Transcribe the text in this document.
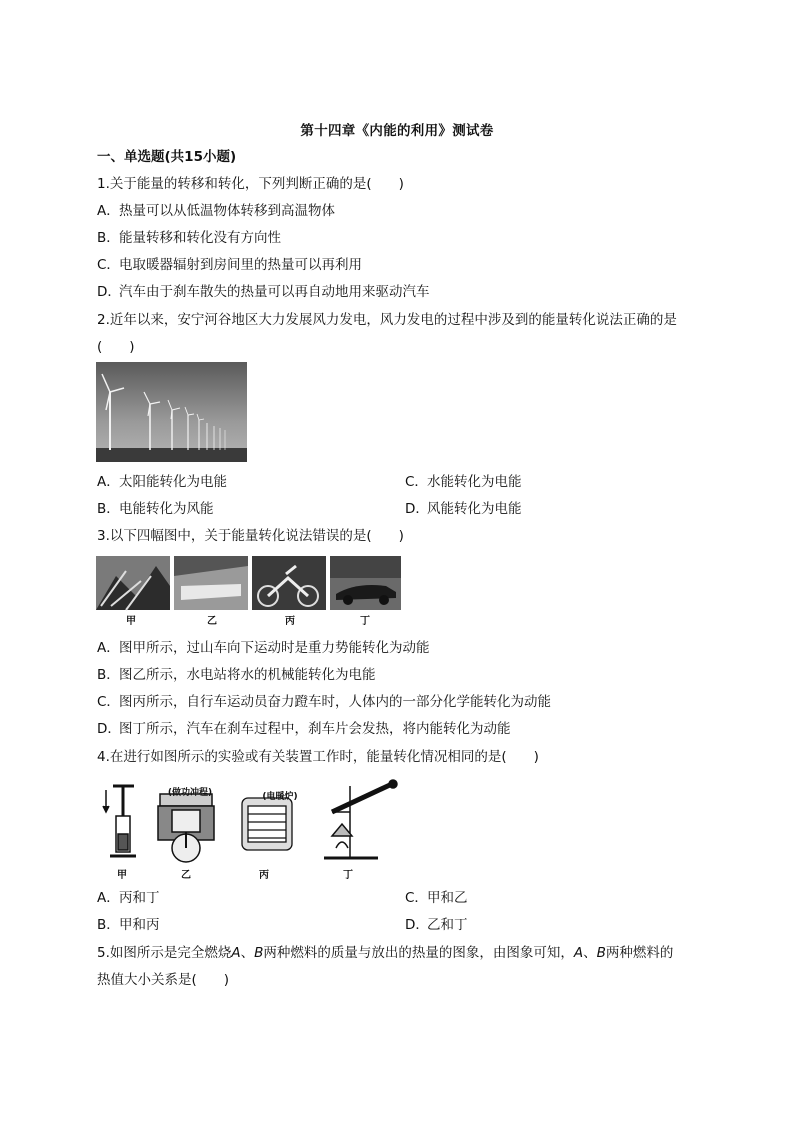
第十四章《内能的利用》测试卷
一、单选题(共15小题)
1.关于能量的转移和转化，下列判断正确的是(　　)
A．热量可以从低温物体转移到高温物体
B．能量转移和转化没有方向性
C．电取暖器辐射到房间里的热量可以再利用
D．汽车由于刹车散失的热量可以再自动地用来驱动汽车
2.近年以来，安宁河谷地区大力发展风力发电，风力发电的过程中涉及到的能量转化说法正确的是
(　　)
A．太阳能转化为电能	C．水能转化为电能
B．电能转化为风能	D．风能转化为电能
3.以下四幅图中，关于能量转化说法错误的是(　　)
甲	乙	丙	丁
A．图甲所示，过山车向下运动时是重力势能转化为动能
B．图乙所示，水电站将水的机械能转化为电能
C．图丙所示，自行车运动员奋力蹬车时，人体内的一部分化学能转化为动能
D．图丁所示，汽车在刹车过程中，刹车片会发热，将内能转化为动能
4.在进行如图所示的实验或有关装置工作时，能量转化情况相同的是(　　)
(做功冲程)	(电暖炉)
甲	乙	丙	丁
A．丙和丁	C．甲和乙
B．甲和丙	D．乙和丁
5.如图所示是完全燃烧A、B两种燃料的质量与放出的热量的图象，由图象可知，A、B两种燃料的
热值大小关系是(　　)
